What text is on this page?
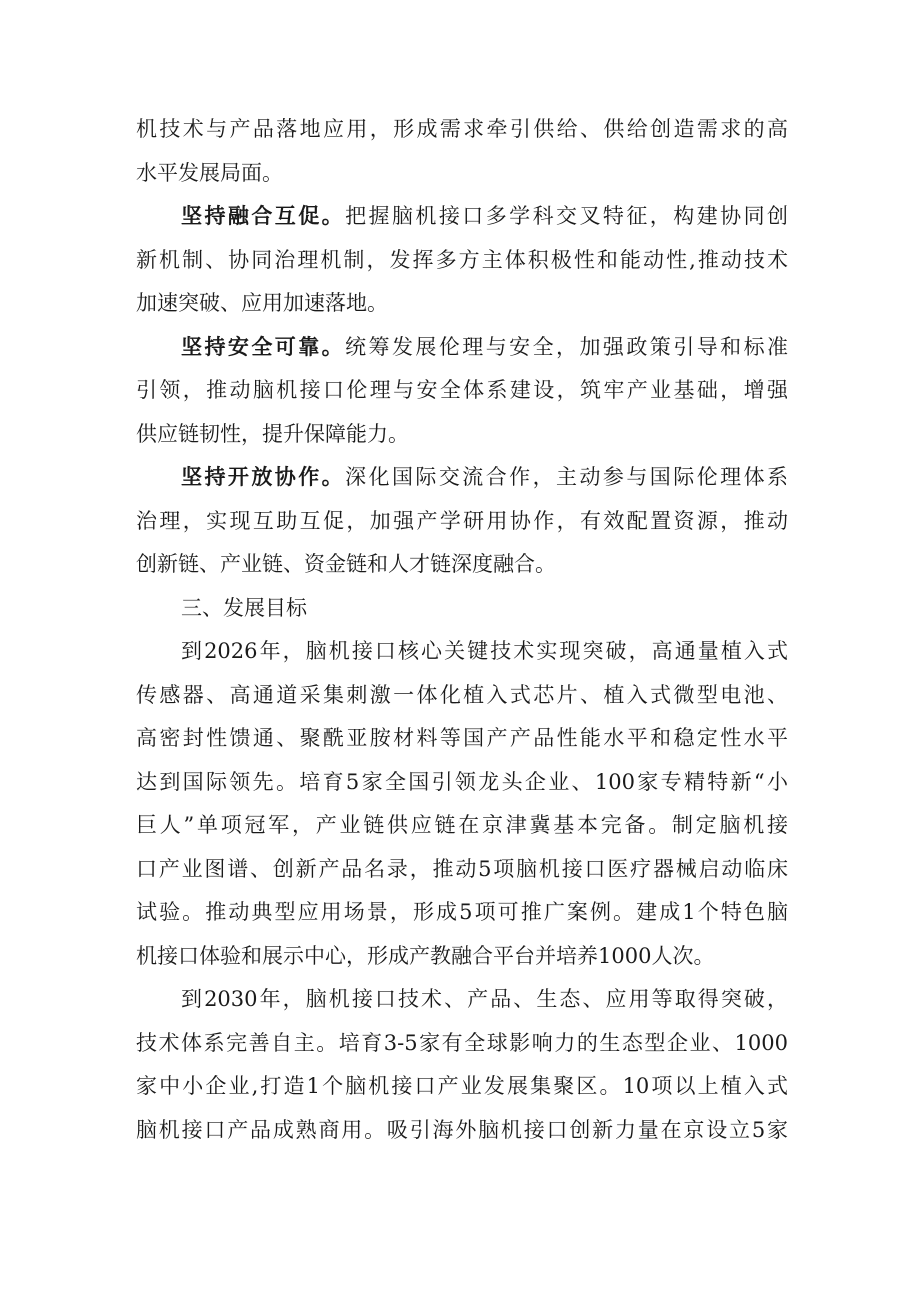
机技术与产品落地应用，形成需求牵引供给、供给创造需求的高
水平发展局面。
坚持融合互促。把握脑机接口多学科交叉特征，构建协同创
新机制、协同治理机制，发挥多方主体积极性和能动性,推动技术
加速突破、应用加速落地。
坚持安全可靠。统筹发展伦理与安全，加强政策引导和标准
引领，推动脑机接口伦理与安全体系建设，筑牢产业基础，增强
供应链韧性，提升保障能力。
坚持开放协作。深化国际交流合作，主动参与国际伦理体系
治理，实现互助互促，加强产学研用协作，有效配置资源，推动
创新链、产业链、资金链和人才链深度融合。
三、发展目标
到2026年，脑机接口核心关键技术实现突破，高通量植入式
传感器、高通道采集刺激一体化植入式芯片、植入式微型电池、
高密封性馈通、聚酰亚胺材料等国产产品性能水平和稳定性水平
达到国际领先。培育5家全国引领龙头企业、100家专精特新“小
巨人”单项冠军，产业链供应链在京津冀基本完备。制定脑机接
口产业图谱、创新产品名录，推动5项脑机接口医疗器械启动临床
试验。推动典型应用场景，形成5项可推广案例。建成1个特色脑
机接口体验和展示中心，形成产教融合平台并培养1000人次。
到2030年，脑机接口技术、产品、生态、应用等取得突破，
技术体系完善自主。培育3-5家有全球影响力的生态型企业、1000
家中小企业,打造1个脑机接口产业发展集聚区。10项以上植入式
脑机接口产品成熟商用。吸引海外脑机接口创新力量在京设立5家
